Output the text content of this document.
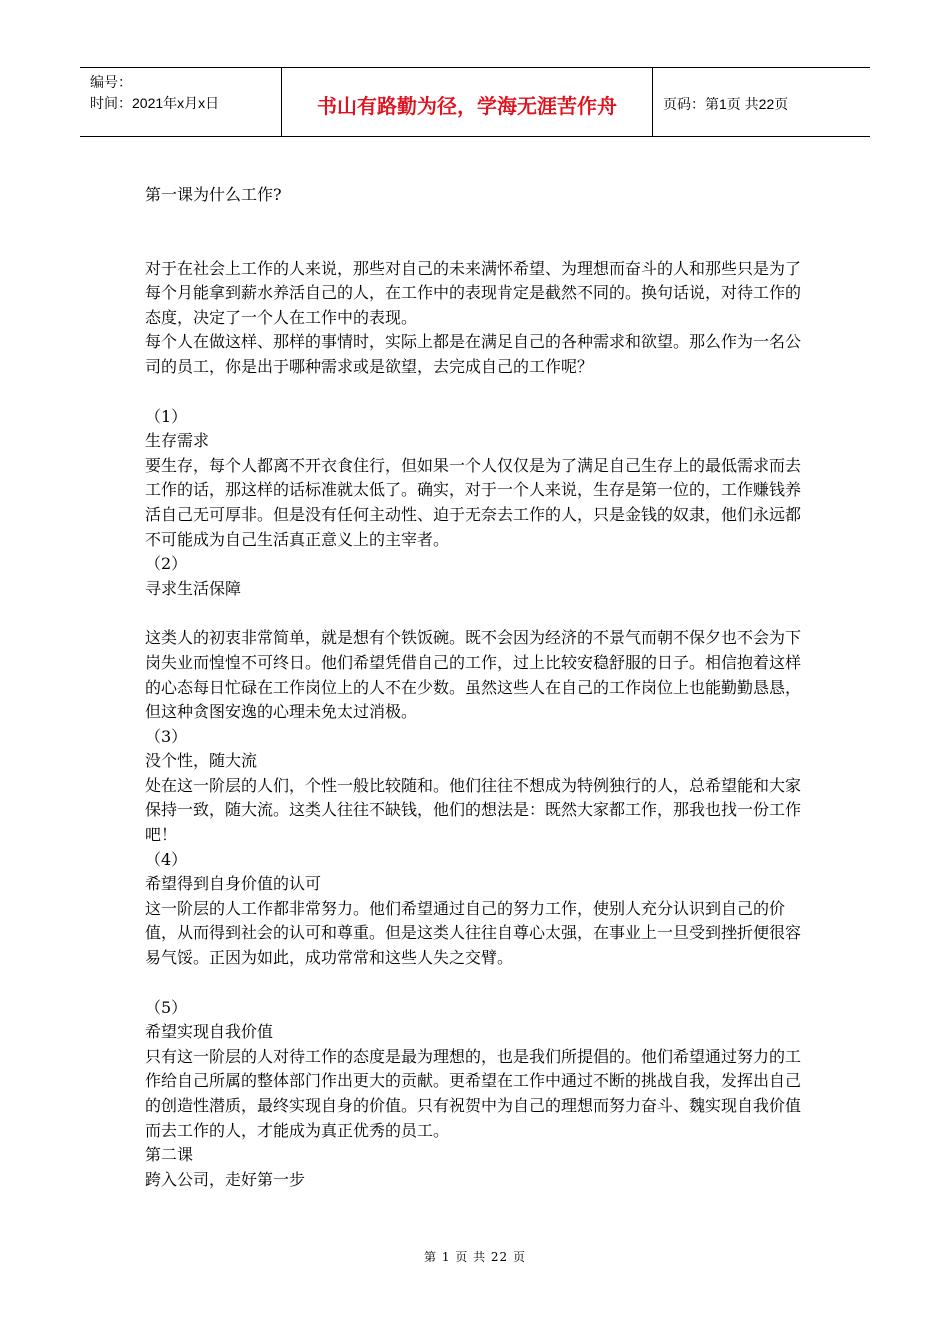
编号：
时间：2021年x月x日	书山有路勤为径，学海无涯苦作舟	页码：第1页 共22页

第一课为什么工作?

对于在社会上工作的人来说，那些对自己的未来满怀希望、为理想而奋斗的人和那些只是为了每个月能拿到薪水养活自己的人，在工作中的表现肯定是截然不同的。换句话说，对待工作的态度，决定了一个人在工作中的表现。

每个人在做这样、那样的事情时，实际上都是在满足自己的各种需求和欲望。那么作为一名公司的员工，你是出于哪种需求或是欲望，去完成自己的工作呢？

（1）

生存需求

要生存，每个人都离不开衣食住行，但如果一个人仅仅是为了满足自己生存上的最低需求而去工作的话，那这样的话标准就太低了。确实，对于一个人来说，生存是第一位的，工作赚钱养活自己无可厚非。但是没有任何主动性、迫于无奈去工作的人，只是金钱的奴隶，他们永远都不可能成为自己生活真正意义上的主宰者。

（2）

寻求生活保障

这类人的初衷非常简单，就是想有个铁饭碗。既不会因为经济的不景气而朝不保夕也不会为下岗失业而惶惶不可终日。他们希望凭借自己的工作，过上比较安稳舒服的日子。相信抱着这样的心态每日忙碌在工作岗位上的人不在少数。虽然这些人在自己的工作岗位上也能勤勤恳恳，但这种贪图安逸的心理未免太过消极。

（3）

没个性，随大流

处在这一阶层的人们，个性一般比较随和。他们往往不想成为特例独行的人，总希望能和大家保持一致，随大流。这类人往往不缺钱，他们的想法是：既然大家都工作，那我也找一份工作吧！

（4）

希望得到自身价值的认可

这一阶层的人工作都非常努力。他们希望通过自己的努力工作，使别人充分认识到自己的价值，从而得到社会的认可和尊重。但是这类人往往自尊心太强，在事业上一旦受到挫折便很容易气馁。正因为如此，成功常常和这些人失之交臂。

（5）

希望实现自我价值

只有这一阶层的人对待工作的态度是最为理想的，也是我们所提倡的。他们希望通过努力的工作给自己所属的整体部门作出更大的贡献。更希望在工作中通过不断的挑战自我，发挥出自己的创造性潜质，最终实现自身的价值。只有祝贺中为自己的理想而努力奋斗、魏实现自我价值而去工作的人，才能成为真正优秀的员工。

第二课

跨入公司，走好第一步

第 1 页 共 22 页
